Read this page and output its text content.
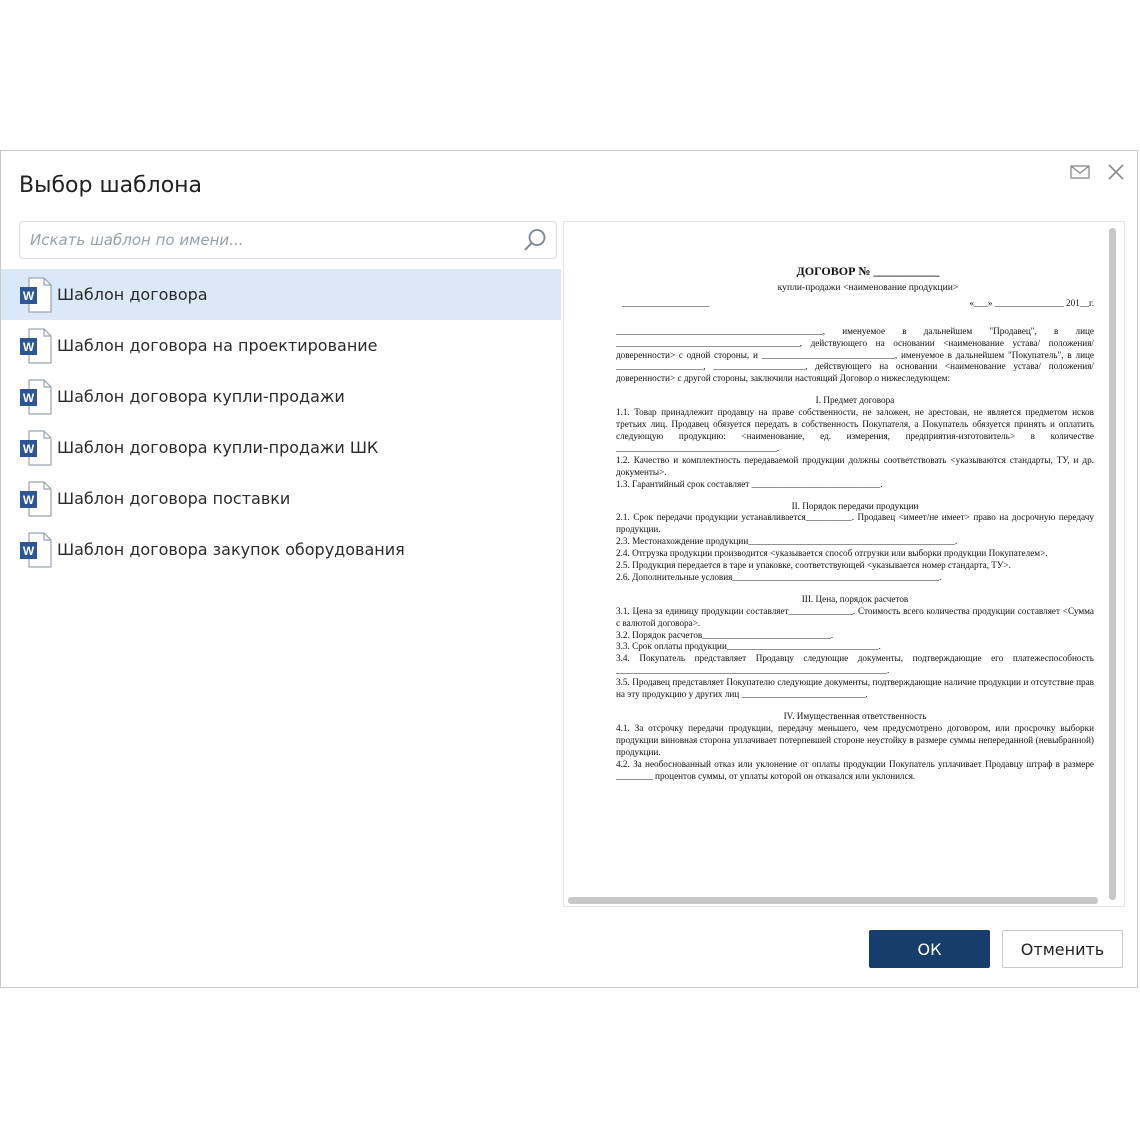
Выбор шаблона
Искать шаблон по имени...
W Шаблон договора
W Шаблон договора на проектирование
W Шаблон договора купли-продажи
W Шаблон договора купли-продажи ШК
W Шаблон договора поставки
W Шаблон договора закупок оборудования
ДОГОВОР № ___________
купли-продажи <наименование продукции>
___________________	«___» _______________ 201__г.

_____________________________________________, именуемое в дальнейшем "Продавец", в лице ________________________________________, действующего на основании <наименование устава/ положения/доверенности> с одной стороны, и _____________________________, именуемое в дальнейшем "Покупатель", в лице ___________________, ____________________, действующего на основании <наименование устава/ положения/доверенности> с другой стороны, заключили настоящий Договор о нижеследующем:

I. Предмет договора

1.1. Товар принадлежит продавцу на праве собственности, не заложен, не арестован, не является предметом исков третьих лиц. Продавец обязуется передать в собственность Покупателя, а Покупатель обязуется принять и оплатить следующую продукцию: <наименование, ед. измерения, предприятия-изготовитель> в количестве ___________________________________.

1.2. Качество и комплектность передаваемой продукции должны соответствовать <указываются стандарты, ТУ, и др. документы>.

1.3. Гарантийный срок составляет ____________________________.

II. Порядок передачи продукции

2.1. Срок передачи продукции устанавливается__________. Продавец <имеет/не имеет> право на досрочную передачу продукции.

2.3. Местонахождение продукции_____________________________________________.

2.4. Отгрузка продукции производится <указывается способ отгрузки или выборки продукции Покупателем>.

2.5. Продукция передается в таре и упаковке, соответствующей <указывается номер стандарта, ТУ>.

2.6. Дополнительные условия_____________________________________________.

III. Цена, порядок расчетов

3.1. Цена за единицу продукции составляет______________. Стоимость всего количества продукции составляет <Сумма с валютой договора>.

3.2. Порядок расчетов____________________________.

3.3. Срок оплаты продукции_________________________________.

3.4. Покупатель представляет Продавцу следующие документы, подтверждающие его платежеспособность ___________________________________________________________.

3.5. Продавец представляет Покупателю следующие документы, подтверждающие наличие продукции и отсутствие прав на эту продукцию у других лиц ___________________________.

IV. Имущественная ответственность

4.1. За отсрочку передачи продукции, передачу меньшего, чем предусмотрено договором, или просрочку выборки продукции виновная сторона уплачивает потерпевшей стороне неустойку в размере суммы непереданной (невыбранной) продукции.

4.2. За необоснованный отказ или уклонение от оплаты продукции Покупатель уплачивает Продавцу штраф в размере ________ процентов суммы, от уплаты которой он отказался или уклонился.

ОК	Отменить
